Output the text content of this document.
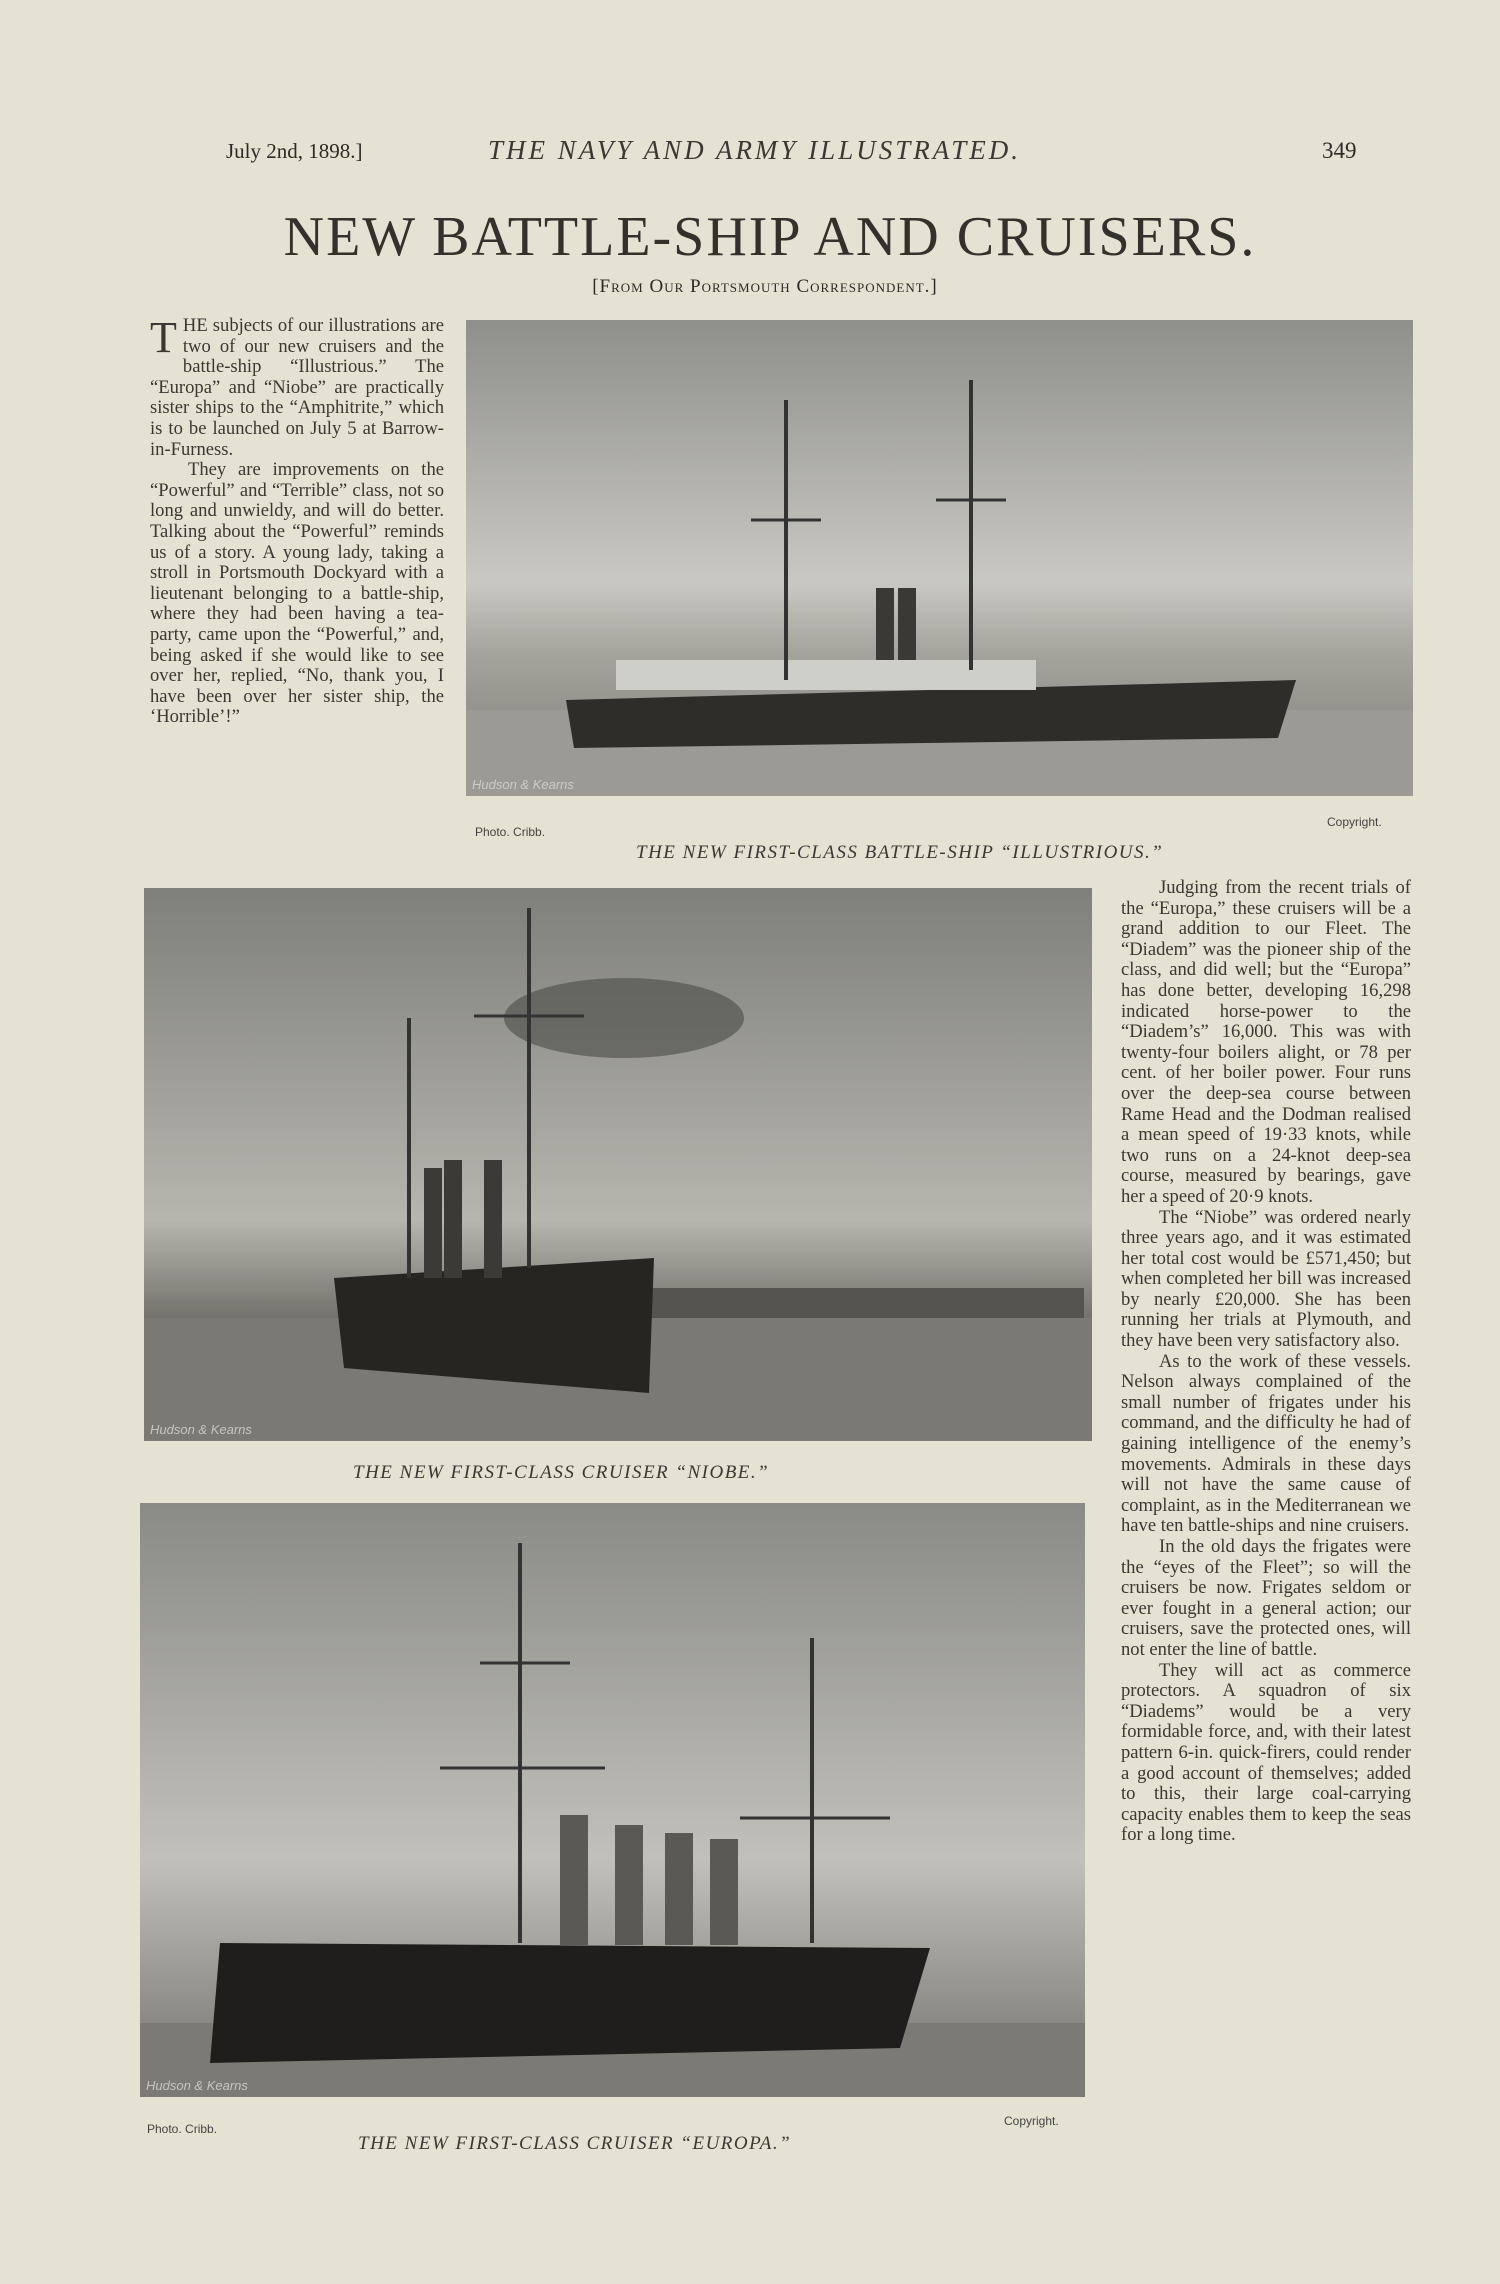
July 2nd, 1898.]	THE NAVY AND ARMY ILLUSTRATED.	349
NEW BATTLE-SHIP AND CRUISERS.
[From Our Portsmouth Correspondent.]

THE subjects of our illustrations are two of our new cruisers and the battle-ship “Illustrious.” The “Europa” and “Niobe” are practically sister ships to the “Amphitrite,” which is to be launched on July 5 at Barrow-in-Furness.

They are improvements on the “Powerful” and “Terrible” class, not so long and unwieldy, and will do better. Talking about the “Powerful” reminds us of a story. A young lady, taking a stroll in Portsmouth Dockyard with a lieutenant belonging to a battle-ship, where they had been having a tea-party, came upon the “Powerful,” and, being asked if she would like to see over her, replied, “No, thank you, I have been over her sister ship, the ‘Horrible’!”

Hudson & Kearns
Photo. Cribb.
Copyright.
THE NEW FIRST-CLASS BATTLE-SHIP “ILLUSTRIOUS.”
Hudson & Kearns
THE NEW FIRST-CLASS CRUISER “NIOBE.”
Hudson & Kearns
Photo. Cribb.
Copyright.
THE NEW FIRST-CLASS CRUISER “EUROPA.”

Judging from the recent trials of the “Europa,” these cruisers will be a grand addition to our Fleet. The “Diadem” was the pioneer ship of the class, and did well; but the “Europa” has done better, developing 16,298 indicated horse-power to the “Diadem’s” 16,000. This was with twenty-four boilers alight, or 78 per cent. of her boiler power. Four runs over the deep-sea course between Rame Head and the Dodman realised a mean speed of 19·33 knots, while two runs on a 24-knot deep-sea course, measured by bearings, gave her a speed of 20·9 knots.

The “Niobe” was ordered nearly three years ago, and it was estimated her total cost would be £571,450; but when completed her bill was increased by nearly £20,000. She has been running her trials at Plymouth, and they have been very satisfactory also.

As to the work of these vessels. Nelson always complained of the small number of frigates under his command, and the difficulty he had of gaining intelligence of the enemy’s movements. Admirals in these days will not have the same cause of complaint, as in the Mediterranean we have ten battle-ships and nine cruisers.

In the old days the frigates were the “eyes of the Fleet”; so will the cruisers be now. Frigates seldom or ever fought in a general action; our cruisers, save the protected ones, will not enter the line of battle.

They will act as commerce protectors. A squadron of six “Diadems” would be a very formidable force, and, with their latest pattern 6-in. quick-firers, could render a good account of themselves; added to this, their large coal-carrying capacity enables them to keep the seas for a long time.
